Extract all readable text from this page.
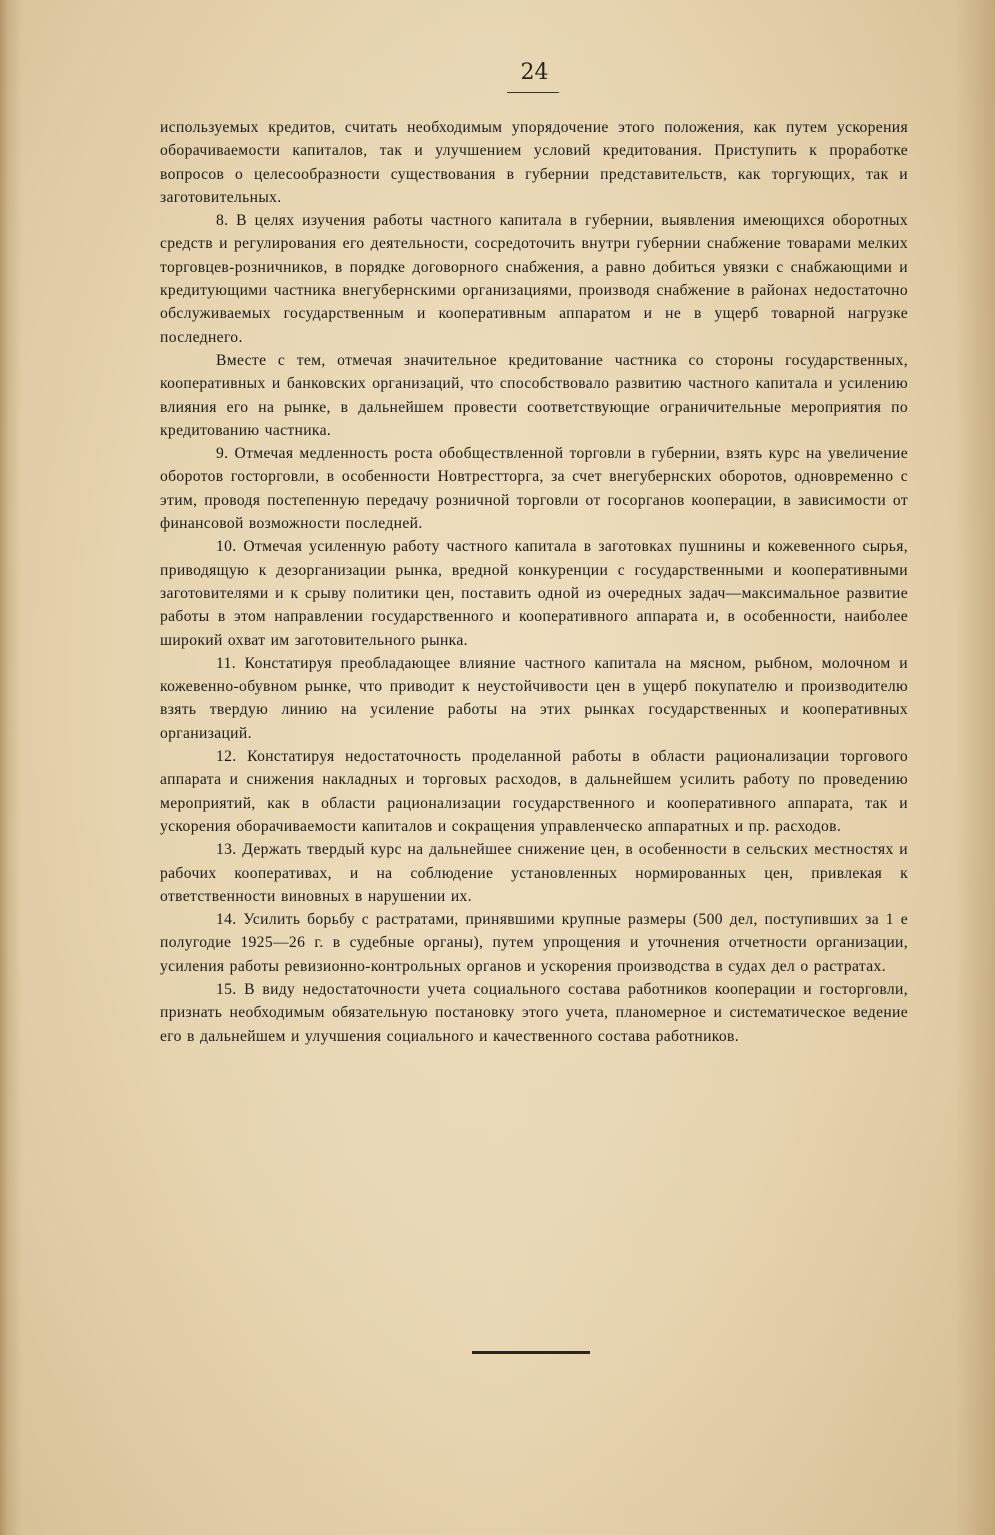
24

используемых кредитов, считать необходимым упорядочение этого положения, как путем ускорения оборачиваемости капиталов, так и улучшением условий кредитования. Приступить к проработке вопросов о целесообразности существования в губернии представительств, как торгующих, так и заготовительных.

8. В целях изучения работы частного капитала в губернии, выявления имеющихся оборотных средств и регулирования его деятельности, сосредоточить внутри губернии снабжение товарами мелких торговцев-розничников, в порядке договорного снабжения, а равно добиться увязки с снабжающими и кредитующими частника внегубернскими организациями, производя снабжение в районах недостаточно обслуживаемых государственным и кооперативным аппаратом и не в ущерб товарной нагрузке последнего.

Вместе с тем, отмечая значительное кредитование частника со стороны государственных, кооперативных и банковских организаций, что способствовало развитию частного капитала и усилению влияния его на рынке, в дальнейшем провести соответствующие ограничительные мероприятия по кредитованию частника.

9. Отмечая медленность роста обобществленной торговли в губернии, взять курс на увеличение оборотов госторговли, в особенности Новтрестторга, за счет внегубернских оборотов, одновременно с этим, проводя постепенную передачу розничной торговли от госорганов кооперации, в зависимости от финансовой возможности последней.

10. Отмечая усиленную работу частного капитала в заготовках пушнины и кожевенного сырья, приводящую к дезорганизации рынка, вредной конкуренции с государственными и кооперативными заготовителями и к срыву политики цен, поставить одной из очередных задач—максимальное развитие работы в этом направлении государственного и кооперативного аппарата и, в особенности, наиболее широкий охват им заготовительного рынка.

11. Констатируя преобладающее влияние частного капитала на мясном, рыбном, молочном и кожевенно-обувном рынке, что приводит к неустойчивости цен в ущерб покупателю и производителю взять твердую линию на усиление работы на этих рынках государственных и кооперативных организаций.

12. Констатируя недостаточность проделанной работы в области рационализации торгового аппарата и снижения накладных и торговых расходов, в дальнейшем усилить работу по проведению мероприятий, как в области рационализации государственного и кооперативного аппарата, так и ускорения оборачиваемости капиталов и сокращения управленческо аппаратных и пр. расходов.

13. Держать твердый курс на дальнейшее снижение цен, в особенности в сельских местностях и рабочих кооперативах, и на соблюдение установленных нормированных цен, привлекая к ответственности виновных в нарушении их.

14. Усилить борьбу с растратами, принявшими крупные размеры (500 дел, поступивших за 1 е полугодие 1925—26 г. в судебные органы), путем упрощения и уточнения отчетности организации, усиления работы ревизионно-контрольных органов и ускорения производства в судах дел о растратах.

15. В виду недостаточности учета социального состава работников кооперации и госторговли, признать необходимым обязательную постановку этого учета, планомерное и систематическое ведение его в дальнейшем и улучшения социального и качественного состава работников.
